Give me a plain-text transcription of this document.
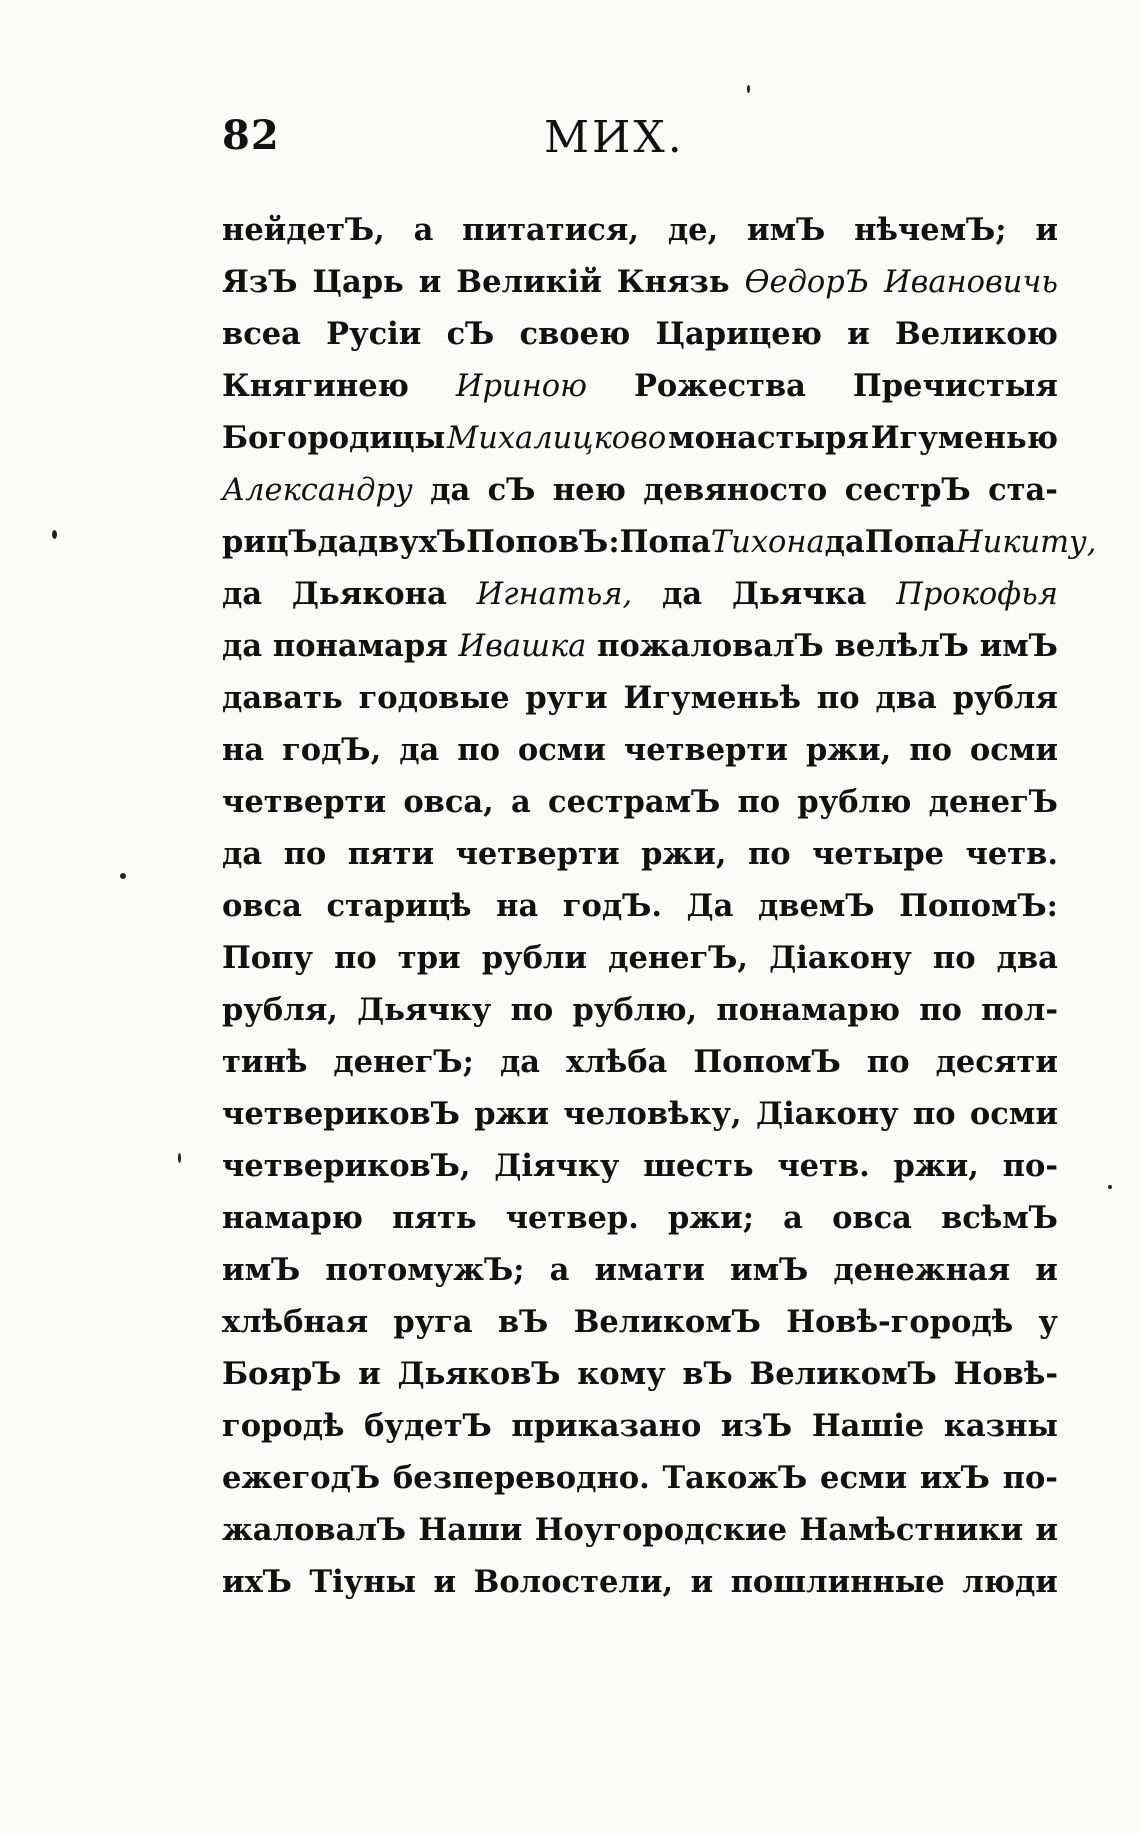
82	МИХ.
нейдетЪ, а питатися, де, имЪ нѣчемЪ; и
ЯзЪ Царь и Великій Князь ѲедорЪ Ивановичь
всеа Русіи сЪ своею Царицею и Великою
Княгинею Ириною Рожества Пречистыя
Богородицы Михалицково монастыря Игуменью
Александру да сЪ нею девяносто сестрЪ ста-
рицЪ да двухЪ ПоповЪ: Попа Тихона да Попа Никиту,
да Дьякона Игнатья, да Дьячка Прокофья
да понамаря Ивашка пожаловалЪ велѣлЪ имЪ
давать годовые руги Игуменьѣ по два рубля
на годЪ, да по осми четверти ржи, по осми
четверти овса, а сестрамЪ по рублю денегЪ
да по пяти четверти ржи, по четыре четв.
овса старицѣ на годЪ. Да двемЪ ПопомЪ:
Попу по три рубли денегЪ, Діакону по два
рубля, Дьячку по рублю, понамарю по пол-
тинѣ денегЪ; да хлѣба ПопомЪ по десяти
четвериковЪ ржи человѣку, Діакону по осми
четвериковЪ, Діячку шесть четв. ржи, по-
намарю пять четвер. ржи; а овса всѣмЪ
имЪ потомужЪ; а имати имЪ денежная и
хлѣбная руга вЪ ВеликомЪ Новѣ-городѣ у
БоярЪ и ДьяковЪ кому вЪ ВеликомЪ Новѣ-
городѣ будетЪ приказано изЪ Нашіе казны
ежегодЪ безпереводно. ТакожЪ есми ихЪ по-
жаловалЪ Наши Ноугородские Намѣстники и
ихЪ Тіуны и Волостели, и пошлинные люди
